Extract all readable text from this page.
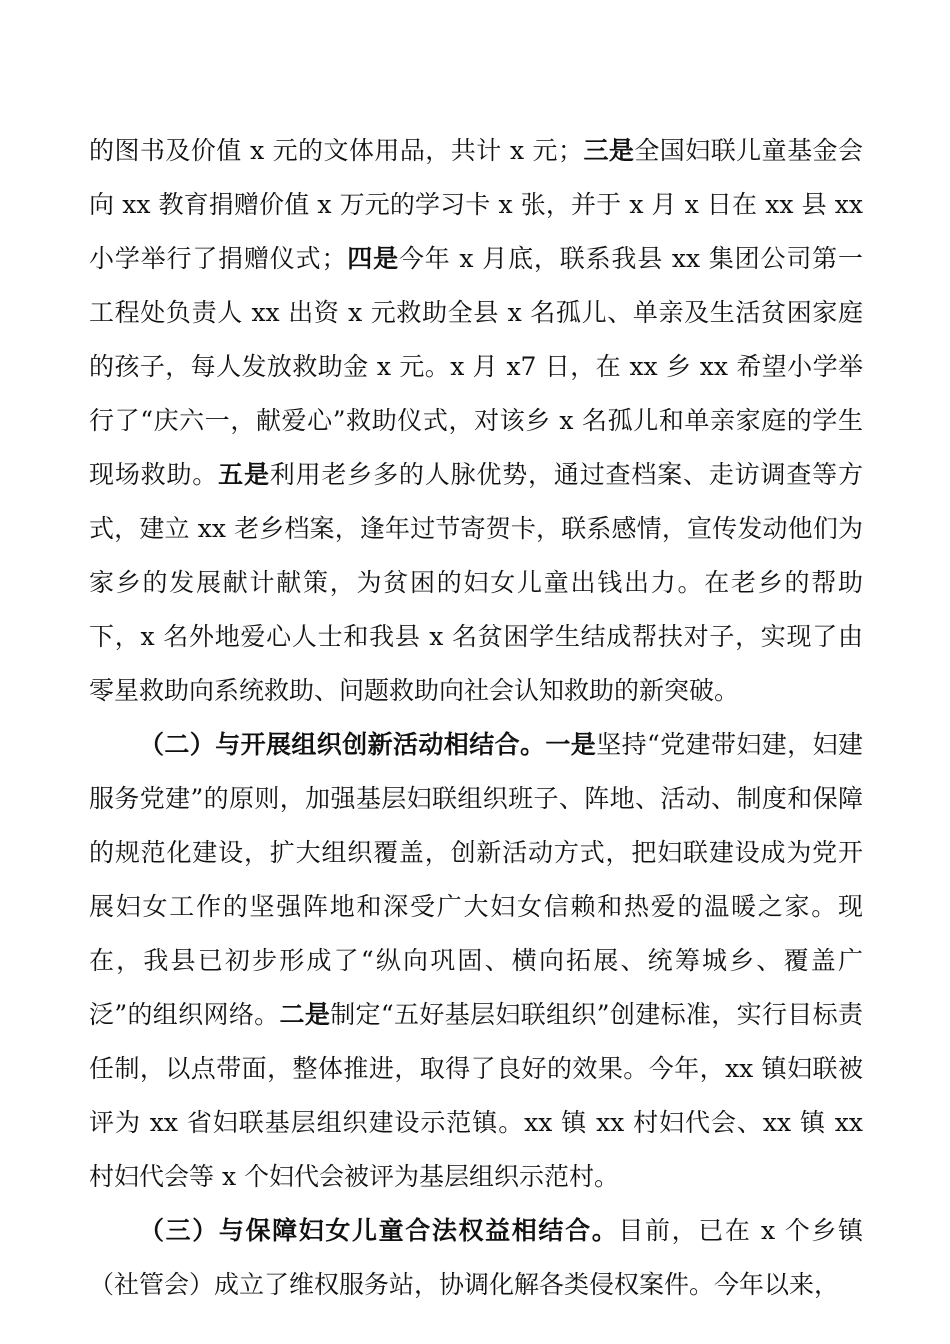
的图书及价值 x 元的文体用品，共计 x 元；三是全国妇联儿童基金会向 xx 教育捐赠价值 x 万元的学习卡 x 张，并于 x 月 x 日在 xx 县 xx 小学举行了捐赠仪式；四是今年 x 月底，联系我县 xx 集团公司第一工程处负责人 xx 出资 x 元救助全县 x 名孤儿、单亲及生活贫困家庭的孩子，每人发放救助金 x 元。x 月 x7 日，在 xx 乡 xx 希望小学举行了“庆六一，献爱心”救助仪式，对该乡 x 名孤儿和单亲家庭的学生现场救助。五是利用老乡多的人脉优势，通过查档案、走访调查等方式，建立 xx 老乡档案，逢年过节寄贺卡，联系感情，宣传发动他们为家乡的发展献计献策，为贫困的妇女儿童出钱出力。在老乡的帮助下，x 名外地爱心人士和我县 x 名贫困学生结成帮扶对子，实现了由零星救助向系统救助、问题救助向社会认知救助的新突破。

（二）与开展组织创新活动相结合。一是坚持“党建带妇建，妇建服务党建”的原则，加强基层妇联组织班子、阵地、活动、制度和保障的规范化建设，扩大组织覆盖，创新活动方式，把妇联建设成为党开展妇女工作的坚强阵地和深受广大妇女信赖和热爱的温暖之家。现在，我县已初步形成了“纵向巩固、横向拓展、统筹城乡、覆盖广泛”的组织网络。二是制定“五好基层妇联组织”创建标准，实行目标责任制，以点带面，整体推进，取得了良好的效果。今年，xx 镇妇联被评为 xx 省妇联基层组织建设示范镇。xx 镇 xx 村妇代会、xx 镇 xx 村妇代会等 x 个妇代会被评为基层组织示范村。

（三）与保障妇女儿童合法权益相结合。目前，已在 x 个乡镇（社管会）成立了维权服务站，协调化解各类侵权案件。今年以来，
